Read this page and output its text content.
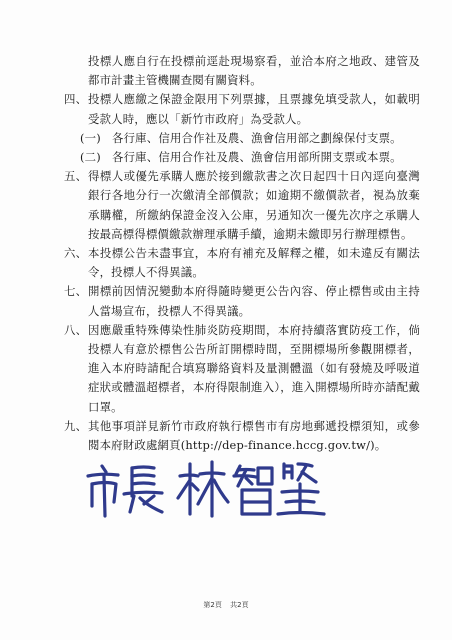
投標人應自行在投標前逕赴現場察看，並洽本府之地政、建管及都市計畫主管機關查閱有關資料。
四、 投標人應繳之保證金限用下列票據，且票據免填受款人，如載明受款人時，應以「新竹市政府」為受款人。
(一) 各行庫、信用合作社及農、漁會信用部之劃線保付支票。
(二) 各行庫、信用合作社及農、漁會信用部所開支票或本票。
五、 得標人或優先承購人應於接到繳款書之次日起四十日內逕向臺灣銀行各地分行一次繳清全部價款；如逾期不繳價款者，視為放棄承購權，所繳納保證金沒入公庫，另通知次一優先次序之承購人按最高標得標價繳款辦理承購手續，逾期未繳即另行辦理標售。
六、 本投標公告未盡事宜，本府有補充及解釋之權，如未違反有關法令，投標人不得異議。
七、 開標前因情況變動本府得隨時變更公告內容、停止標售或由主持人當場宣布，投標人不得異議。
八、 因應嚴重特殊傳染性肺炎防疫期間，本府持續落實防疫工作，倘投標人有意於標售公告所訂開標時間，至開標場所參觀開標者，進入本府時請配合填寫聯絡資料及量測體溫（如有發燒及呼吸道症狀或體溫超標者，本府得限制進入），進入開標場所時亦請配戴口罩。
九、 其他事項詳見新竹市政府執行標售市有房地郵遞投標須知，或參閱本府財政處網頁(http://dep-finance.hccg.gov.tw/)。
第2頁 共2頁
